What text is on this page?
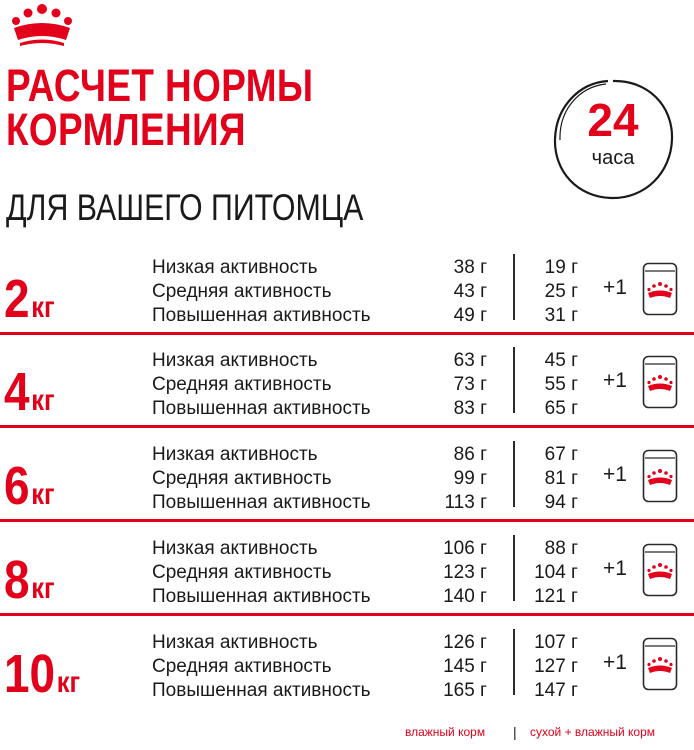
РАСЧЕТ НОРМЫ
КОРМЛЕНИЯ
ДЛЯ ВАШЕГО ПИТОМЦА
24
часа
2кг
Низкая активность	38 г	19 г
Средняя активность	43 г	25 г
Повышенная активность	49 г	31 г
+1
4кг
Низкая активность	63 г	45 г
Средняя активность	73 г	55 г
Повышенная активность	83 г	65 г
+1
6кг
Низкая активность	86 г	67 г
Средняя активность	99 г	81 г
Повышенная активность	113 г	94 г
+1
8кг
Низкая активность	106 г	88 г
Средняя активность	123 г 104 г
Повышенная активность	140 г 121 г
+1
10кг
Низкая активность	126 г 107 г
Средняя активность	145 г 127 г
Повышенная активность	165 г 147 г
+1
влажный корм | сухой + влажный корм
